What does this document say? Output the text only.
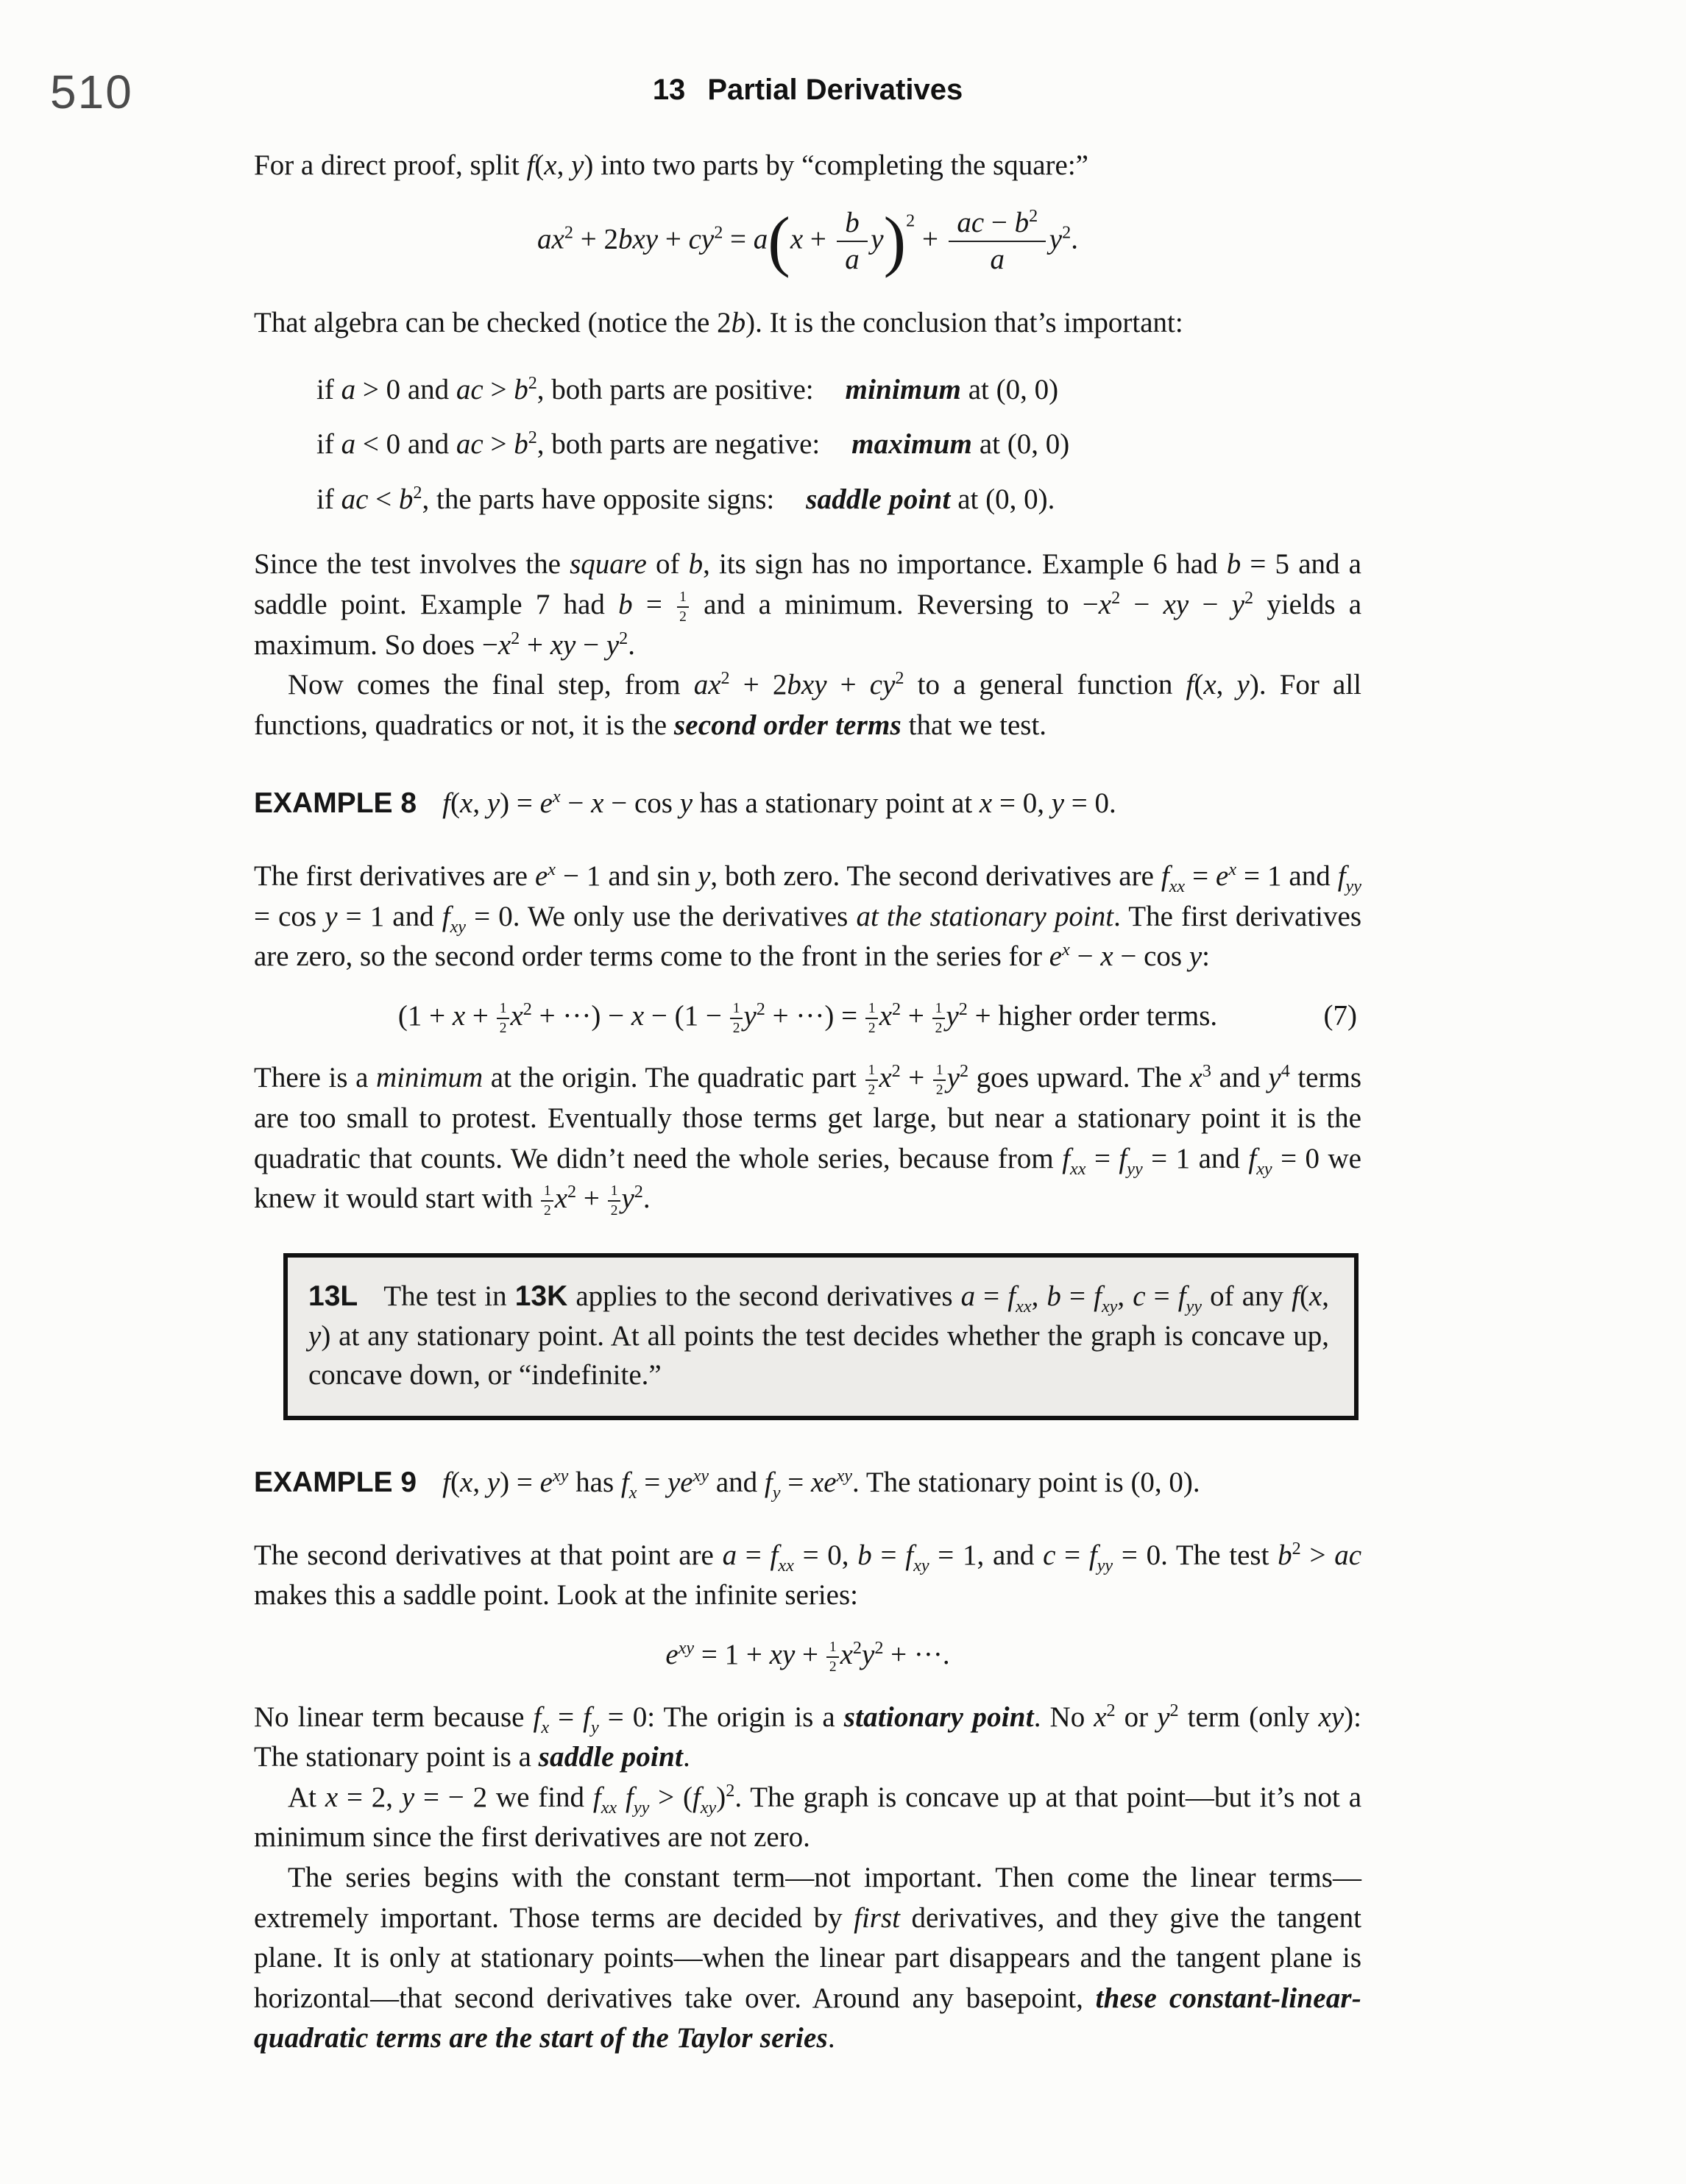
510	13 Partial Derivatives

For a direct proof, split f(x, y) into two parts by “completing the square:”

$ax^2 + 2bxy + cy^2 = a(x + \frac{b}{a} y)^2 + \frac{ac - b^2}{a} y^2$.

That algebra can be checked (notice the 2b). It is the conclusion that’s important:

if a > 0 and ac > $b^2$, both parts are positive: minimum at (0, 0)

if a < 0 and ac > $b^2$, both parts are negative: maximum at (0, 0)

if ac < $b^2$, the parts have opposite signs: saddle point at (0, 0).

Since the test involves the square of b, its sign has no importance. Example 6 had b = 5 and a saddle point. Example 7 had $b = \frac{1}{2}$ and a minimum. Reversing to $-x^2$ − xy − $y^2$ yields a maximum. So does $-x^2$ + xy − $y^2$.

Now comes the final step, from $ax^2 + 2bxy + cy^2$ to a general function f(x, y). For all functions, quadratics or not, it is the second order terms that we test.

EXAMPLE 8 f(x, $y) = e^x - x - \cos y$ has a stationary point at x = 0, y = 0.

The first derivatives are $e^x - 1$ and sin y, both zero. The second derivatives are $f_{xx} = e^x = 1$ and $f_{yy} = \cos y = 1$ and $f_{xy} = 0$. We only use the derivatives at the stationary point. The first derivatives are zero, so the second order terms come to the front in the series for $e^x - x - \cos y$:

($1 + x + \frac{1}{2} x^2$ + ···) − $x - (1 - \frac{1}{2} y^2$ + ···) = $\frac{1}{2} x^2 + \frac{1}{2} y^2$ + higher order terms.	(7)

There is a minimum at the origin. The quadratic part $\frac{1}{2} x^2 + \frac{1}{2} y^2$ goes upward. The $x^3$ and $y^4$ terms are too small to protest. Eventually those terms get large, but near a stationary point it is the quadratic that counts. We didn’t need the whole series, because from $f_{xx} = f_{yy} = 1$ and $f_{xy} = 0$ we knew it would start with $\frac{1}{2} x^2 + \frac{1}{2} y^2$.

13L The test in 13K applies to the second derivatives $a = f_{xx}$, $b = f_{xy}$, $c = f_{yy}$ of any f(x, y) at any stationary point. At all points the test decides whether the graph is concave up, concave down, or “indefinite.”

EXAMPLE 9 f(x, $y) = e^{xy}$ has $f_x = ye^{xy}$ and $f_y = xe^{xy}$. The stationary point is (0, 0).

The second derivatives at that point are $a = f_{xx} = 0$, $b = f_{xy} = 1$, and $c = f_{yy} = 0$. The test $b^2$ > ac makes this a saddle point. Look at the infinite series:

$e^{xy} = 1$ + xy + $\frac{1}{2} x^2y^2$ + ···.

No linear term because $f_x = f_y = 0$: The origin is a stationary point. No $x^2$ or $y^2$ term (only xy): The stationary point is a saddle point.

At x = 2, y = − 2 we find $f_{xx}$ $f_{yy} > (f_{xy})^2$. The graph is concave up at that point—but it’s not a minimum since the first derivatives are not zero.

The series begins with the constant term—not important. Then come the linear terms—extremely important. Those terms are decided by first derivatives, and they give the tangent plane. It is only at stationary points—when the linear part disappears and the tangent plane is horizontal—that second derivatives take over. Around any basepoint, these constant-linear-quadratic terms are the start of the Taylor series.
